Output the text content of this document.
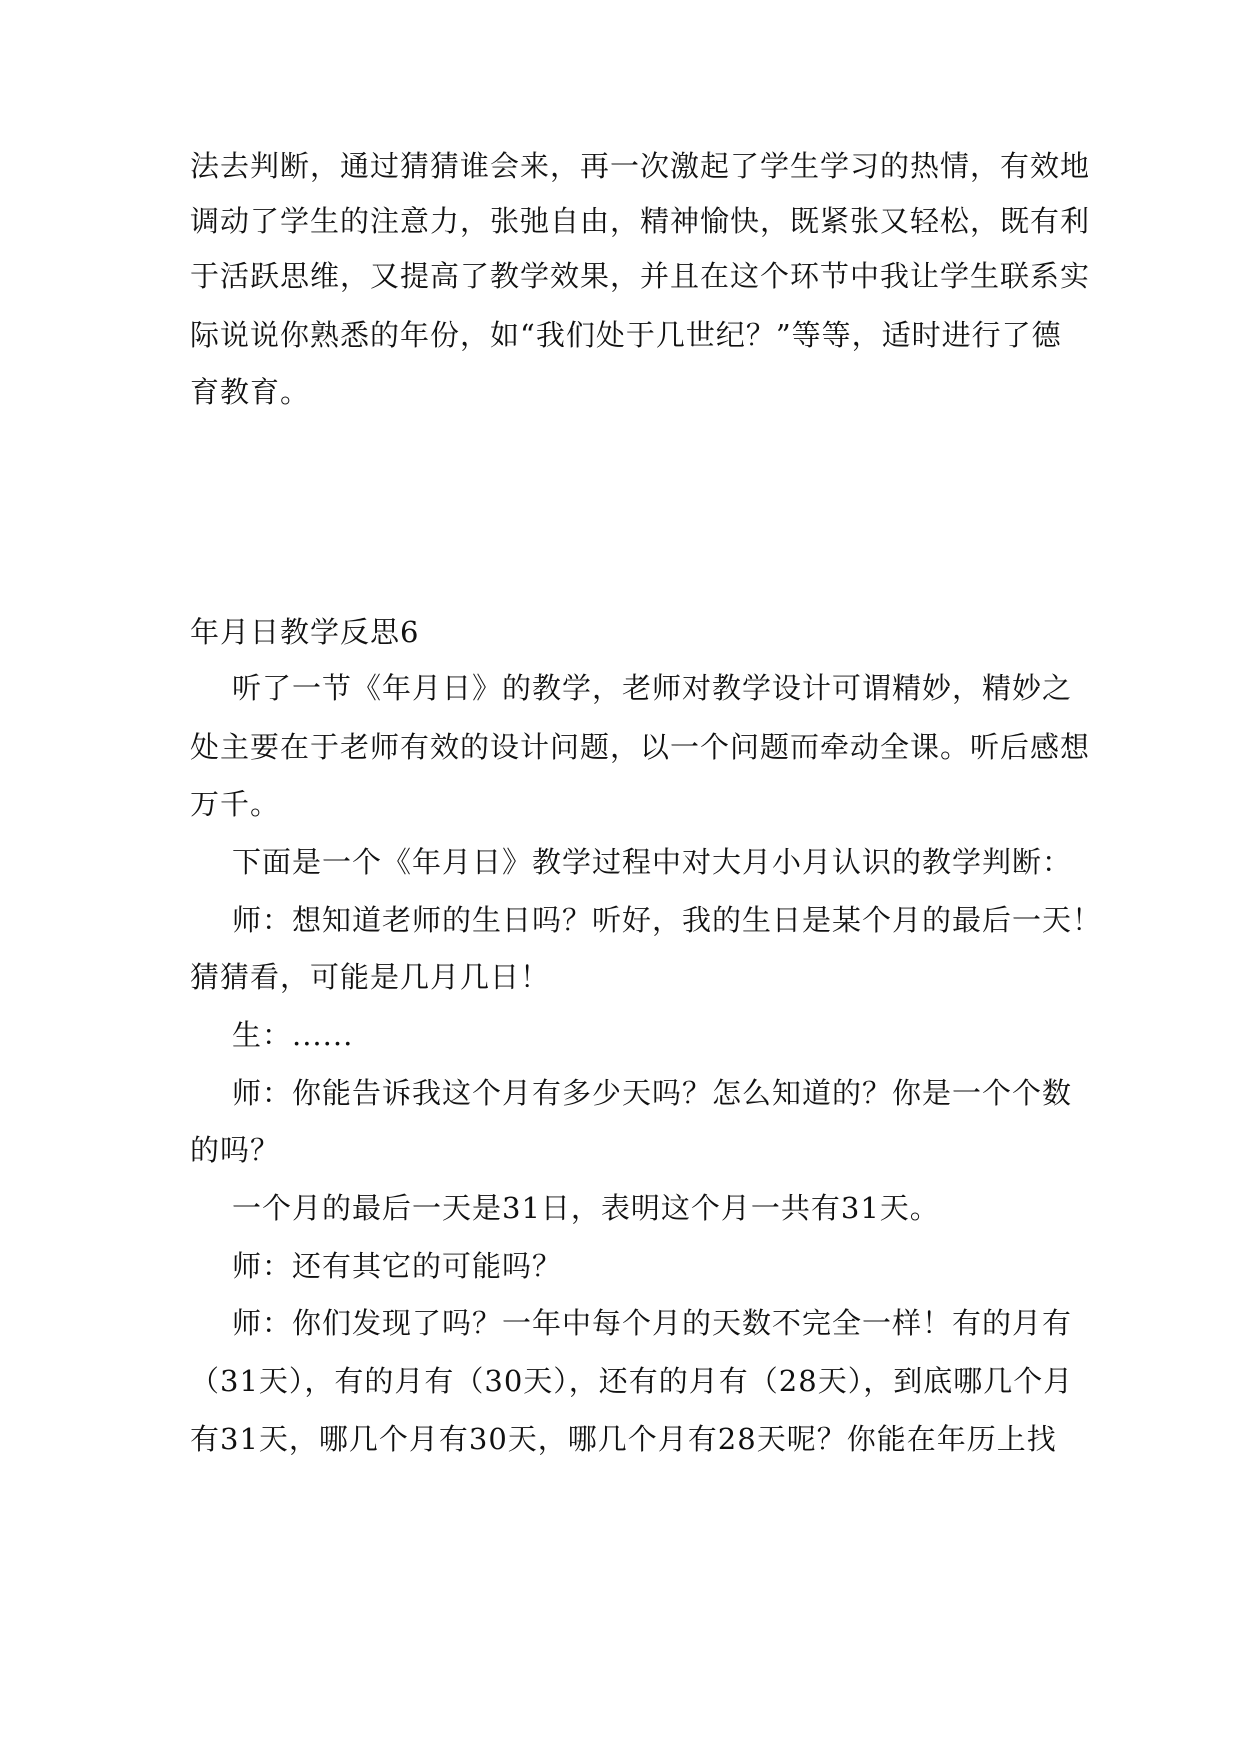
法去判断，通过猜猜谁会来，再一次激起了学生学习的热情，有效地
调动了学生的注意力，张弛自由，精神愉快，既紧张又轻松，既有利
于活跃思维，又提高了教学效果，并且在这个环节中我让学生联系实
际说说你熟悉的年份，如“我们处于几世纪？”等等，适时进行了德
育教育。
年月日教学反思6
听了一节《年月日》的教学，老师对教学设计可谓精妙，精妙之
处主要在于老师有效的设计问题，以一个问题而牵动全课。听后感想
万千。
下面是一个《年月日》教学过程中对大月小月认识的教学判断：
师：想知道老师的生日吗？听好，我的生日是某个月的最后一天！
猜猜看，可能是几月几日！
生：......
师：你能告诉我这个月有多少天吗？怎么知道的？你是一个个数
的吗？
一个月的最后一天是31日，表明这个月一共有31天。
师：还有其它的可能吗？
师：你们发现了吗？一年中每个月的天数不完全一样！有的月有
（31天），有的月有（30天），还有的月有（28天），到底哪几个月
有31天，哪几个月有30天，哪几个月有28天呢？你能在年历上找
